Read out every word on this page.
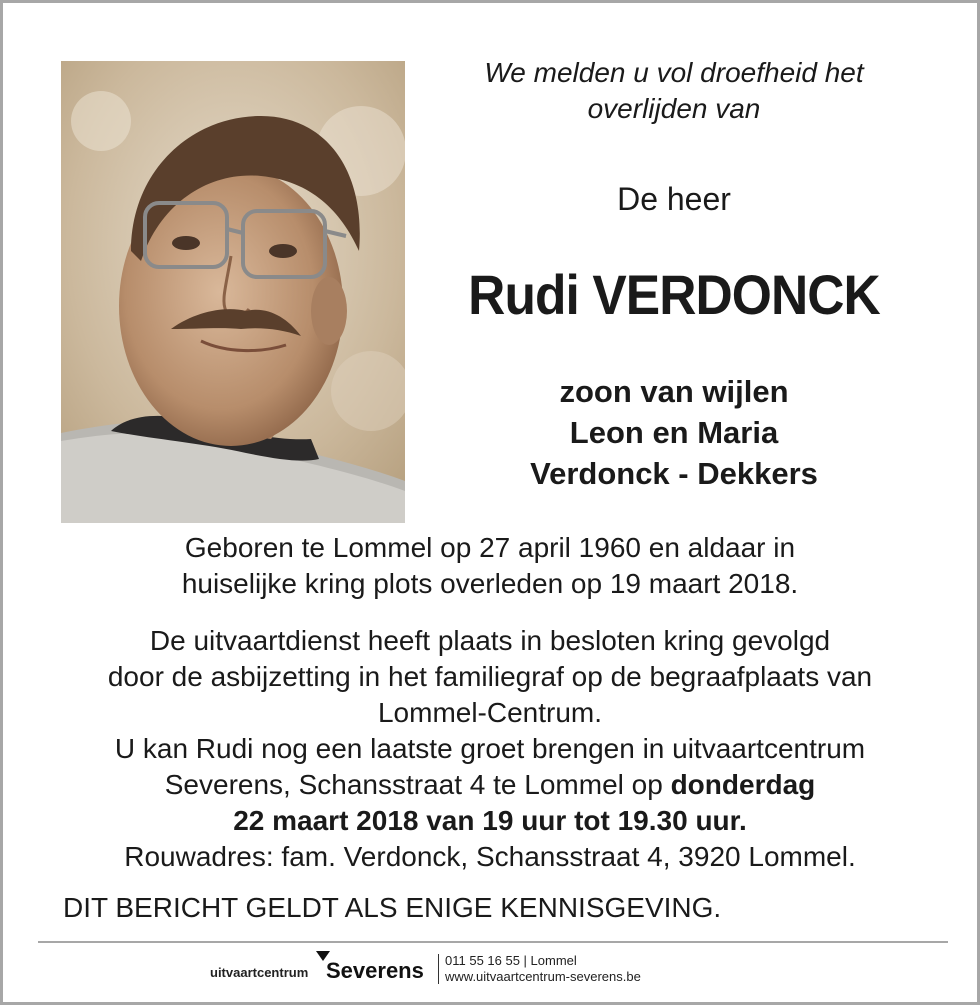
We melden u vol droefheid het
overlijden van
De heer
Rudi VERDONCK
zoon van wijlen
Leon en Maria
Verdonck - Dekkers
Geboren te Lommel op 27 april 1960 en aldaar in
huiselijke kring plots overleden op 19 maart 2018.
De uitvaartdienst heeft plaats in besloten kring gevolgd
door de asbijzetting in het familiegraf op de begraafplaats van
Lommel-Centrum.
U kan Rudi nog een laatste groet brengen in uitvaartcentrum
Severens, Schansstraat 4 te Lommel op donderdag
22 maart 2018 van 19 uur tot 19.30 uur.
Rouwadres: fam. Verdonck, Schansstraat 4, 3920 Lommel.
DIT BERICHT GELDT ALS ENIGE KENNISGEVING.
uitvaartcentrum Severens 011 55 16 55 | Lommel
www.uitvaartcentrum-severens.be
